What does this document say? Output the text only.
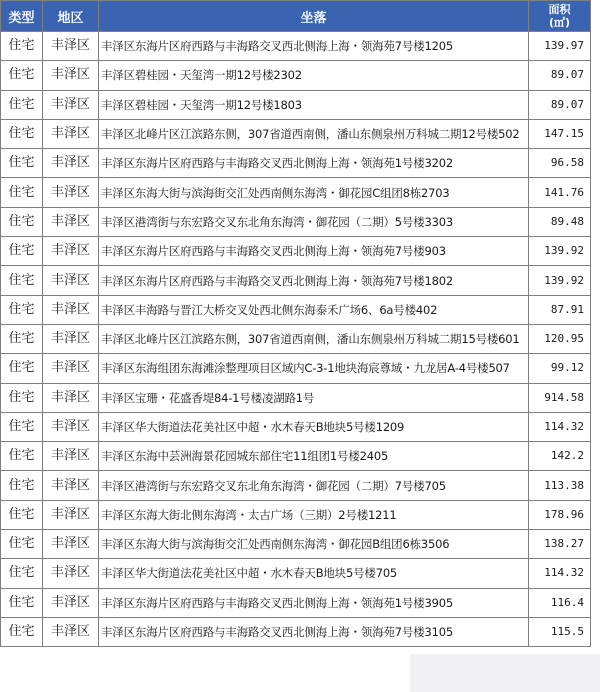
类型	地区	坐落	面积
(㎡)

住宅	丰泽区	丰泽区东海片区府西路与丰海路交叉西北侧海上海・领海苑7号楼1205	139.97
住宅	丰泽区	丰泽区碧桂园・天玺湾一期12号楼2302	89.07
住宅	丰泽区	丰泽区碧桂园・天玺湾一期12号楼1803	89.07
住宅	丰泽区	丰泽区北峰片区江滨路东侧，307省道西南侧，潘山东侧泉州万科城二期12号楼502	147.15
住宅	丰泽区	丰泽区东海片区府西路与丰海路交叉西北侧海上海・领海苑1号楼3202	96.58
住宅	丰泽区	丰泽区东海大街与滨海街交汇处西南侧东海湾・御花园C组团8栋2703	141.76
住宅	丰泽区	丰泽区港湾街与东宏路交叉东北角东海湾・御花园（二期）5号楼3303	89.48
住宅	丰泽区	丰泽区东海片区府西路与丰海路交叉西北侧海上海・领海苑7号楼903	139.92
住宅	丰泽区	丰泽区东海片区府西路与丰海路交叉西北侧海上海・领海苑7号楼1802	139.92
住宅	丰泽区	丰泽区丰海路与晋江大桥交叉处西北侧东海泰禾广场6、6a号楼402	87.91
住宅	丰泽区	丰泽区北峰片区江滨路东侧，307省道西南侧，潘山东侧泉州万科城二期15号楼601	120.95
住宅	丰泽区	丰泽区东海组团东海滩涂整理项目区域内C-3-1地块海宸尊域・九龙居A-4号楼507	99.12
住宅	丰泽区	丰泽区宝珊・花盛香堤84-1号楼凌湖路1号	914.58
住宅	丰泽区	丰泽区华大街道法花美社区中超・水木春天B地块5号楼1209	114.32
住宅	丰泽区	丰泽区东海中芸洲海景花园城东部住宅11组团1号楼2405	142.2
住宅	丰泽区	丰泽区港湾街与东宏路交叉东北角东海湾・御花园（二期）7号楼705	113.38
住宅	丰泽区	丰泽区东海大街北侧东海湾・太古广场（三期）2号楼1211	178.96
住宅	丰泽区	丰泽区东海大街与滨海街交汇处西南侧东海湾・御花园B组团6栋3506	138.27
住宅	丰泽区	丰泽区华大街道法花美社区中超・水木春天B地块5号楼705	114.32
住宅	丰泽区	丰泽区东海片区府西路与丰海路交叉西北侧海上海・领海苑1号楼3905	116.4
住宅	丰泽区	丰泽区东海片区府西路与丰海路交叉西北侧海上海・领海苑7号楼3105	115.5
